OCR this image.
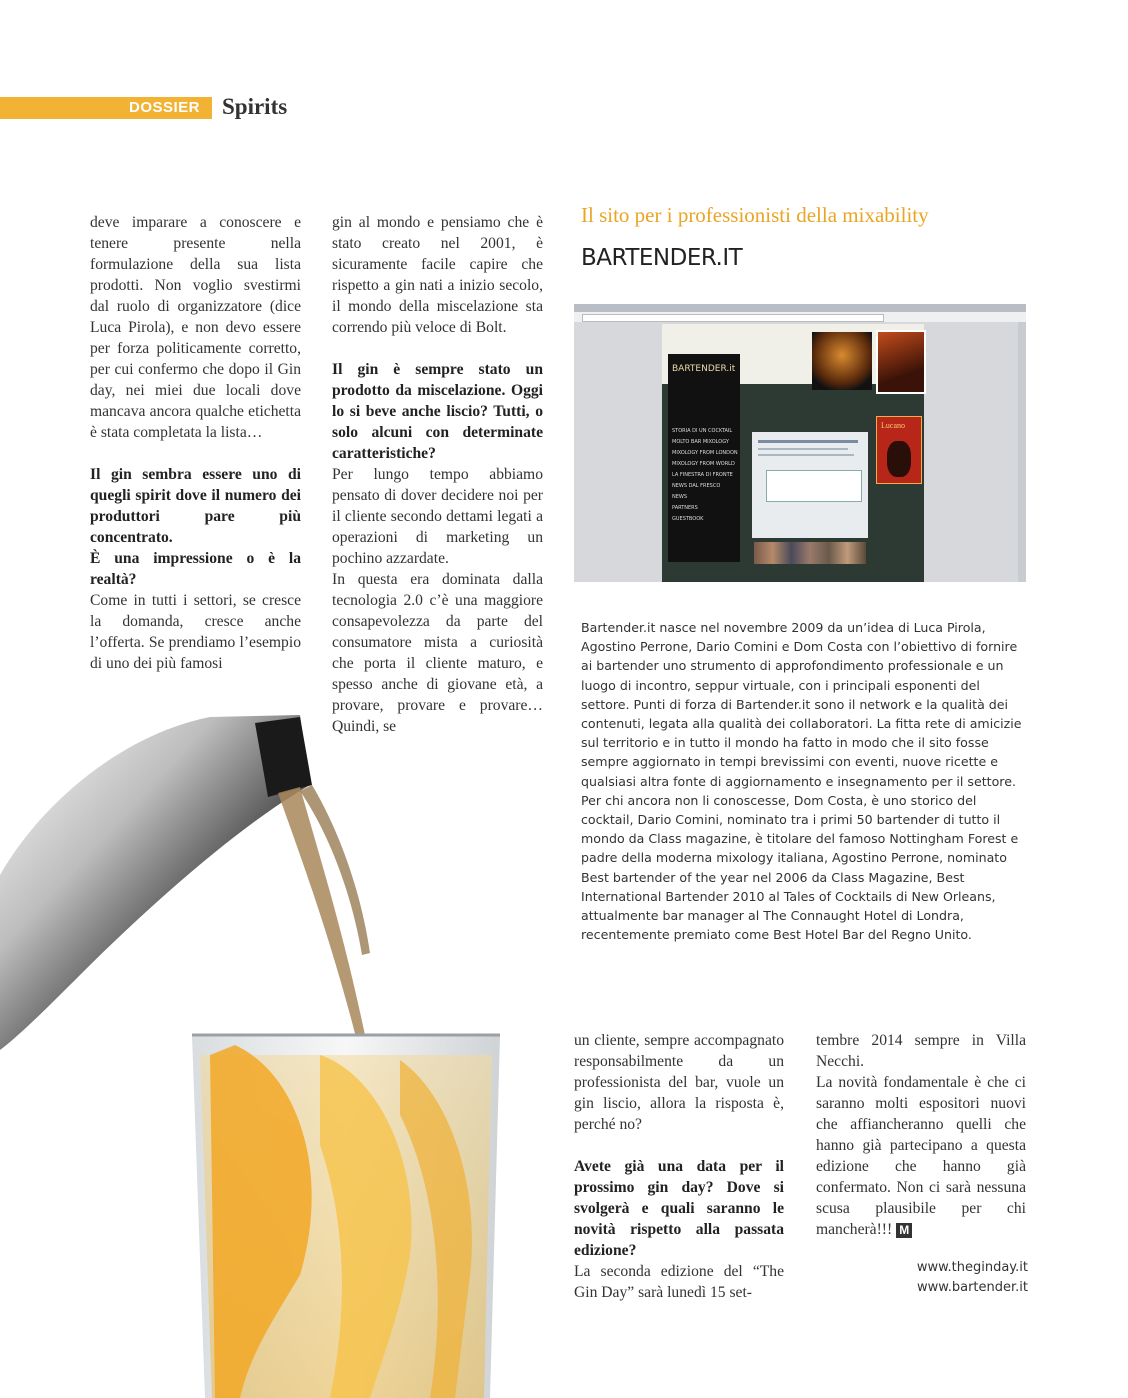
DOSSIER Spirits

deve imparare a conoscere e tenere presente nella formulazione della sua lista prodotti. Non voglio svestirmi dal ruolo di organizzatore (dice Luca Pirola), e non devo essere per forza politicamente corretto, per cui confermo che dopo il Gin day, nei miei due locali dove mancava ancora qualche etichetta è stata completata la lista…

Il gin sembra essere uno di quegli spirit dove il numero dei produttori pare più concentrato.

È una impressione o è la realtà?

Come in tutti i settori, se cresce la domanda, cresce anche l’offerta. Se prendiamo l’esempio di uno dei più famosi

gin al mondo e pensiamo che è stato creato nel 2001, è sicuramente facile capire che rispetto a gin nati a inizio secolo, il mondo della miscelazione sta correndo più veloce di Bolt.

Il gin è sempre stato un prodotto da miscelazione. Oggi lo si beve anche liscio? Tutti, o solo alcuni con determinate caratteristiche?

Per lungo tempo abbiamo pensato di dover decidere noi per il cliente secondo dettami legati a operazioni di marketing un pochino azzardate.

In questa era dominata dalla tecnologia 2.0 c’è una maggiore consapevolezza da parte del consumatore mista a curiosità che porta il cliente maturo, e spesso anche di giovane età, a provare, provare e provare… Quindi, se

Il sito per i professionisti della mixability
BARTENDER.IT
BARTENDER.it
STORIA DI UN COCKTAIL
MOLTO BAR MIXOLOGY
MIXOLOGY FROM LONDON
MIXOLOGY FROM WORLD
LA FINESTRA DI FRONTE
NEWS DAL FRESCO
NEWS
PARTNERS
GUESTBOOK
Lucano
Bartender.it nasce nel novembre 2009 da un’idea di Luca Pirola, Agostino Perrone, Dario Comini e Dom Costa con l’obiettivo di fornire ai bartender uno strumento di approfondimento professionale e un luogo di incontro, seppur virtuale, con i principali esponenti del settore. Punti di forza di Bartender.it sono il network e la qualità dei contenuti, legata alla qualità dei collaboratori. La fitta rete di amicizie sul territorio e in tutto il mondo ha fatto in modo che il sito fosse sempre aggiornato in tempi brevissimi con eventi, nuove ricette e qualsiasi altra fonte di aggiornamento e insegnamento per il settore. Per chi ancora non li conoscesse, Dom Costa, è uno storico del cocktail, Dario Comini, nominato tra i primi 50 bartender di tutto il mondo da Class magazine, è titolare del famoso Nottingham Forest e padre della moderna mixology italiana, Agostino Perrone, nominato Best bartender of the year nel 2006 da Class Magazine, Best International Bartender 2010 al Tales of Cocktails di New Orleans, attualmente bar manager al The Connaught Hotel di Londra, recentemente premiato come Best Hotel Bar del Regno Unito.

un cliente, sempre accompagnato responsabilmente da un professionista del bar, vuole un gin liscio, allora la risposta è, perché no?

Avete già una data per il prossimo gin day? Dove si svolgerà e quali saranno le novità rispetto alla passata edizione?

La seconda edizione del “The Gin Day” sarà lunedì 15 set-

tembre 2014 sempre in Villa Necchi.

La novità fondamentale è che ci saranno molti espositori nuovi che affiancheranno quelli che hanno già partecipano a questa edizione che hanno già confermato. Non ci sarà nessuna scusa plausibile per chi mancherà!!! M

www.theginday.it
www.bartender.it
